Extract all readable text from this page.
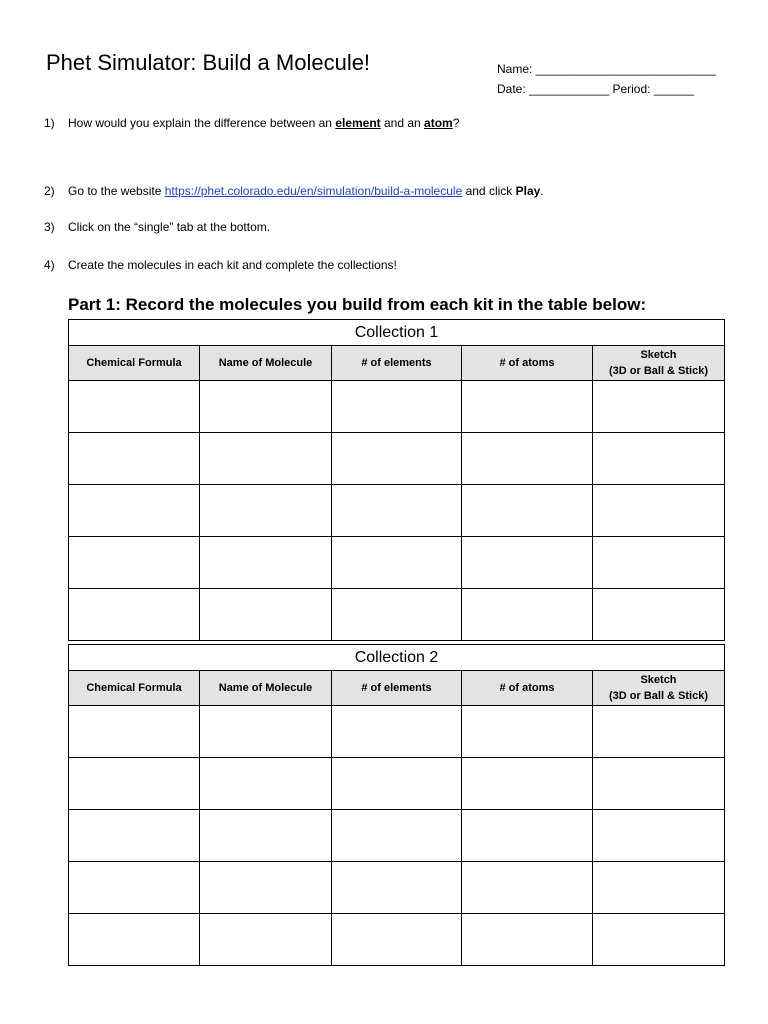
Phet Simulator: Build a Molecule!	Name: ___________________________
Date: ____________ Period: ______
1) How would you explain the difference between an element and an atom?
2) Go to the website https://phet.colorado.edu/en/simulation/build-a-molecule and click Play.
3) Click on the “single” tab at the bottom.
4) Create the molecules in each kit and complete the collections!
Part 1: Record the molecules you build from each kit in the table below:
Collection 1				
Chemical Formula	Name of Molecule	# of elements	# of atoms	Sketch
(3D or Ball & Stick)

Collection 2				
Chemical Formula	Name of Molecule	# of elements	# of atoms	Sketch
(3D or Ball & Stick)
